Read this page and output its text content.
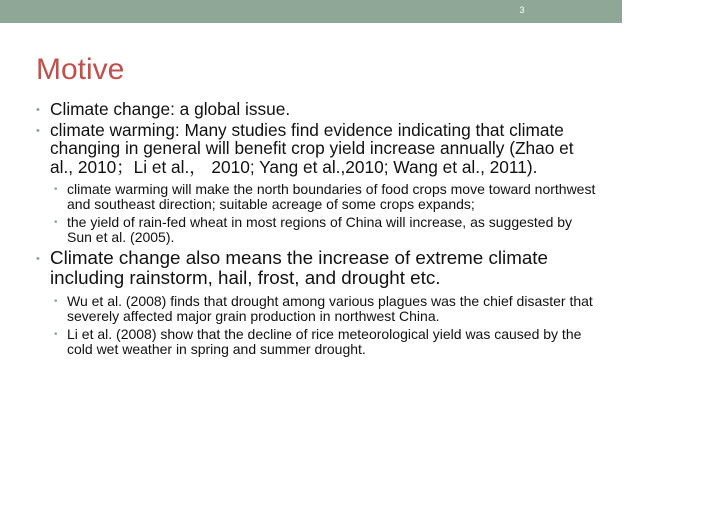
3
Motive
• Climate change: a global issue.
• climate warming: Many studies find evidence indicating that climate changing in general will benefit crop yield increase annually (Zhao et al., 2010；Li et al.， 2010; Yang et al.,2010; Wang et al., 2011).
• climate warming will make the north boundaries of food crops move toward northwest and southeast direction; suitable acreage of some crops expands;
• the yield of rain-fed wheat in most regions of China will increase, as suggested by Sun et al. (2005).
• Climate change also means the increase of extreme climate including rainstorm, hail, frost, and drought etc.
• Wu et al. (2008) finds that drought among various plagues was the chief disaster that severely affected major grain production in northwest China.
• Li et al. (2008) show that the decline of rice meteorological yield was caused by the cold wet weather in spring and summer drought.
